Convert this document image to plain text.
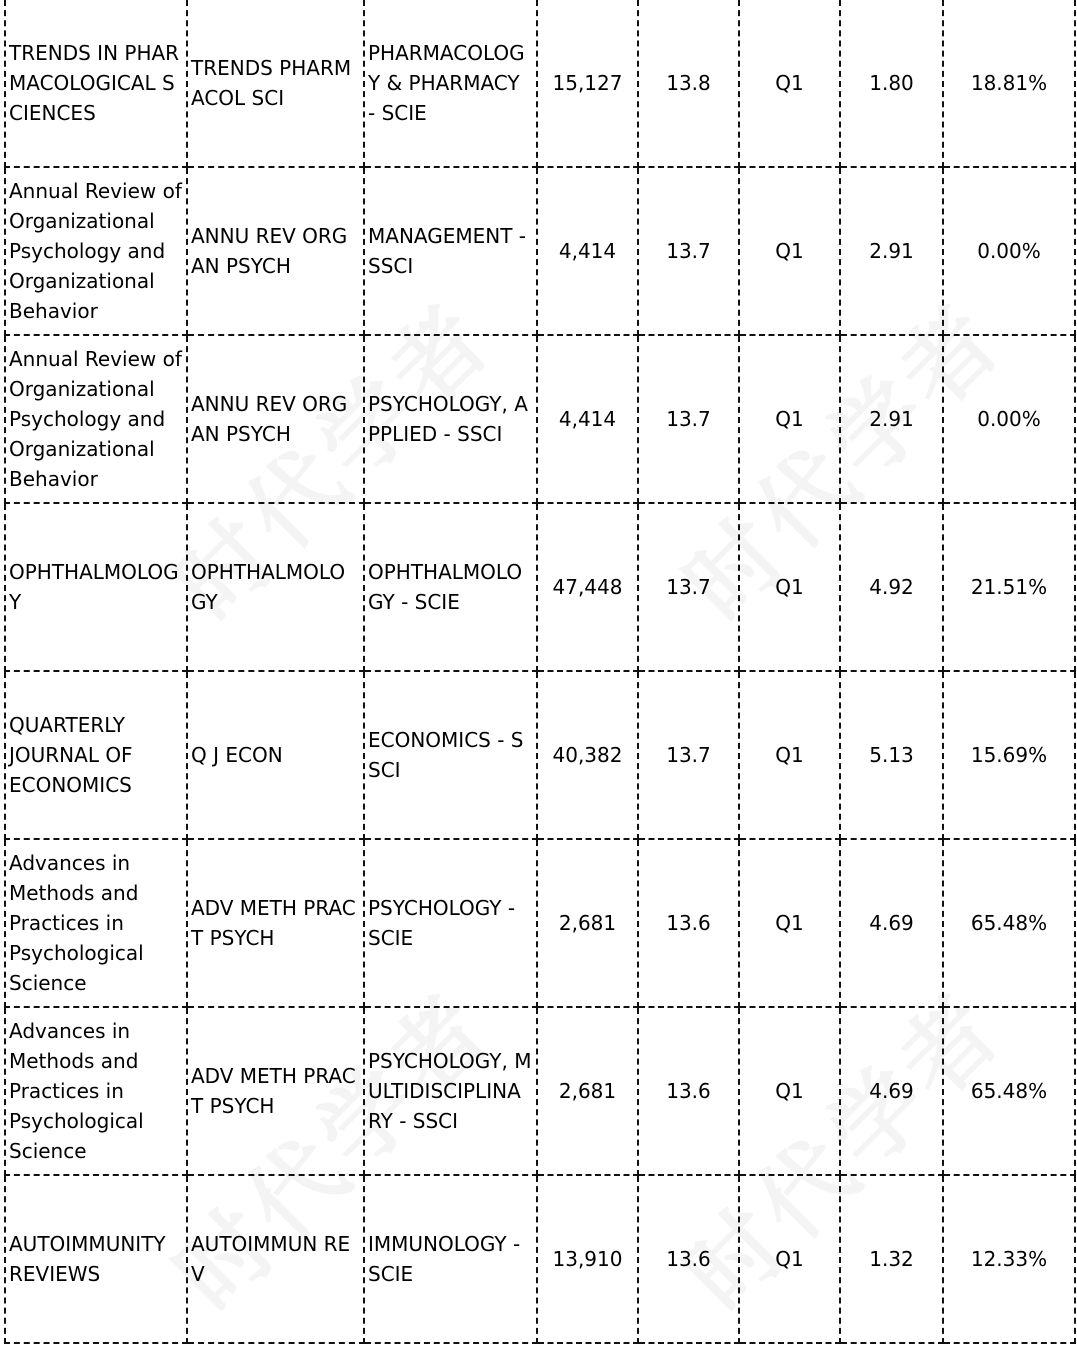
TRENDS IN PHARMACOLOGICAL SCIENCES	TRENDS PHARMACOL SCI	PHARMACOLOGY & PHARMACY - SCIE	15,127	13.8	Q1	1.80	18.81%
Annual Review of Organizational Psychology and Organizational Behavior	ANNU REV ORGAN PSYCH	MANAGEMENT - SSCI	4,414	13.7	Q1	2.91	0.00%
Annual Review of Organizational Psychology and Organizational Behavior	ANNU REV ORGAN PSYCH	PSYCHOLOGY, APPLIED - SSCI	4,414	13.7	Q1	2.91	0.00%
OPHTHALMOLOGY	OPHTHALMOLOGY	OPHTHALMOLOGY - SCIE	47,448	13.7	Q1	4.92	21.51%
QUARTERLY JOURNAL OF ECONOMICS	Q J ECON	ECONOMICS - SSCI	40,382	13.7	Q1	5.13	15.69%
Advances in Methods and Practices in Psychological Science	ADV METH PRACT PSYCH	PSYCHOLOGY - SCIE	2,681	13.6	Q1	4.69	65.48%
Advances in Methods and Practices in Psychological Science	ADV METH PRACT PSYCH	PSYCHOLOGY, MULTIDISCIPLINARY - SSCI	2,681	13.6	Q1	4.69	65.48%
AUTOIMMUNITY REVIEWS	AUTOIMMUN REV	IMMUNOLOGY - SCIE	13,910	13.6	Q1	1.32	12.33%
